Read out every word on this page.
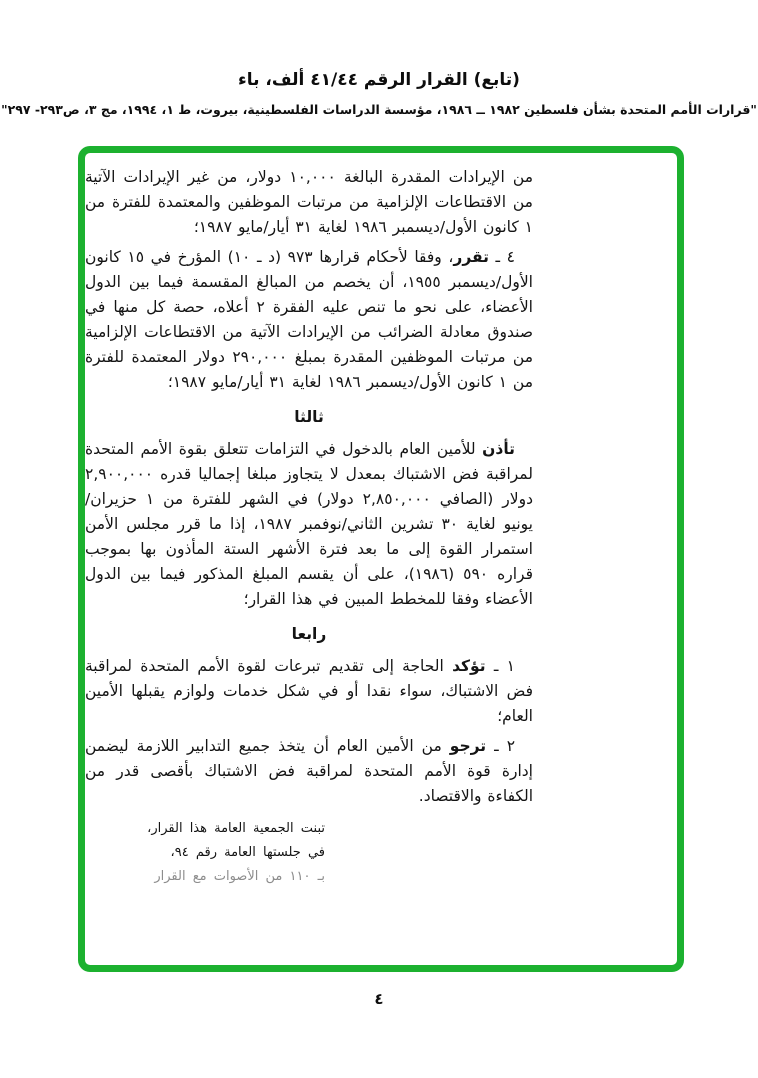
(تابع) القرار الرقم ٤١/٤٤ ألف، باء
"قرارات الأمم المتحدة بشأن فلسطين ١٩٨٢ ــ ١٩٨٦، مؤسسة الدراسات الفلسطينية، بيروت، ط ١، ١٩٩٤، مج ٣، ص٢٩٣- ٢٩٧"

من الإيرادات المقدرة البالغة ١٠,٠٠٠ دولار، من غير الإيرادات الآتية من الاقتطاعات الإلزامية من مرتبات الموظفين والمعتمدة للفترة من ١ كانون الأول/ديسمبر ١٩٨٦ لغاية ٣١ أيار/مايو ١٩٨٧؛

٤ ـ تقرر، وفقا لأحكام قرارها ٩٧٣ (د ـ ١٠) المؤرخ في ١٥ كانون الأول/ديسمبر ١٩٥٥، أن يخصم من المبالغ المقسمة فيما بين الدول الأعضاء، على نحو ما تنص عليه الفقرة ٢ أعلاه، حصة كل منها في صندوق معادلة الضرائب من الإيرادات الآتية من الاقتطاعات الإلزامية من مرتبات الموظفين المقدرة بمبلغ ٢٩٠,٠٠٠ دولار المعتمدة للفترة من ١ كانون الأول/ديسمبر ١٩٨٦ لغاية ٣١ أيار/مايو ١٩٨٧؛

ثالثا

تأذن للأمين العام بالدخول في التزامات تتعلق بقوة الأمم المتحدة لمراقبة فض الاشتباك بمعدل لا يتجاوز مبلغا إجماليا قدره ٢,٩٠٠,٠٠٠ دولار (الصافي ٢,٨٥٠,٠٠٠ دولار) في الشهر للفترة من ١ حزيران/يونيو لغاية ٣٠ تشرين الثاني/نوفمبر ١٩٨٧، إذا ما قرر مجلس الأمن استمرار القوة إلى ما بعد فترة الأشهر الستة المأذون بها بموجب قراره ٥٩٠ (١٩٨٦)، على أن يقسم المبلغ المذكور فيما بين الدول الأعضاء وفقا للمخطط المبين في هذا القرار؛

رابعا

١ ـ تؤكد الحاجة إلى تقديم تبرعات لقوة الأمم المتحدة لمراقبة فض الاشتباك، سواء نقدا أو في شكل خدمات ولوازم يقبلها الأمين العام؛

٢ ـ ترجو من الأمين العام أن يتخذ جميع التدابير اللازمة ليضمن إدارة قوة الأمم المتحدة لمراقبة فض الاشتباك بأقصى قدر من الكفاءة والاقتصاد.

تبنت الجمعية العامة هذا القرار،
في جلستها العامة رقم ٩٤،
بـ ١١٠ من الأصوات مع القرار
٤
